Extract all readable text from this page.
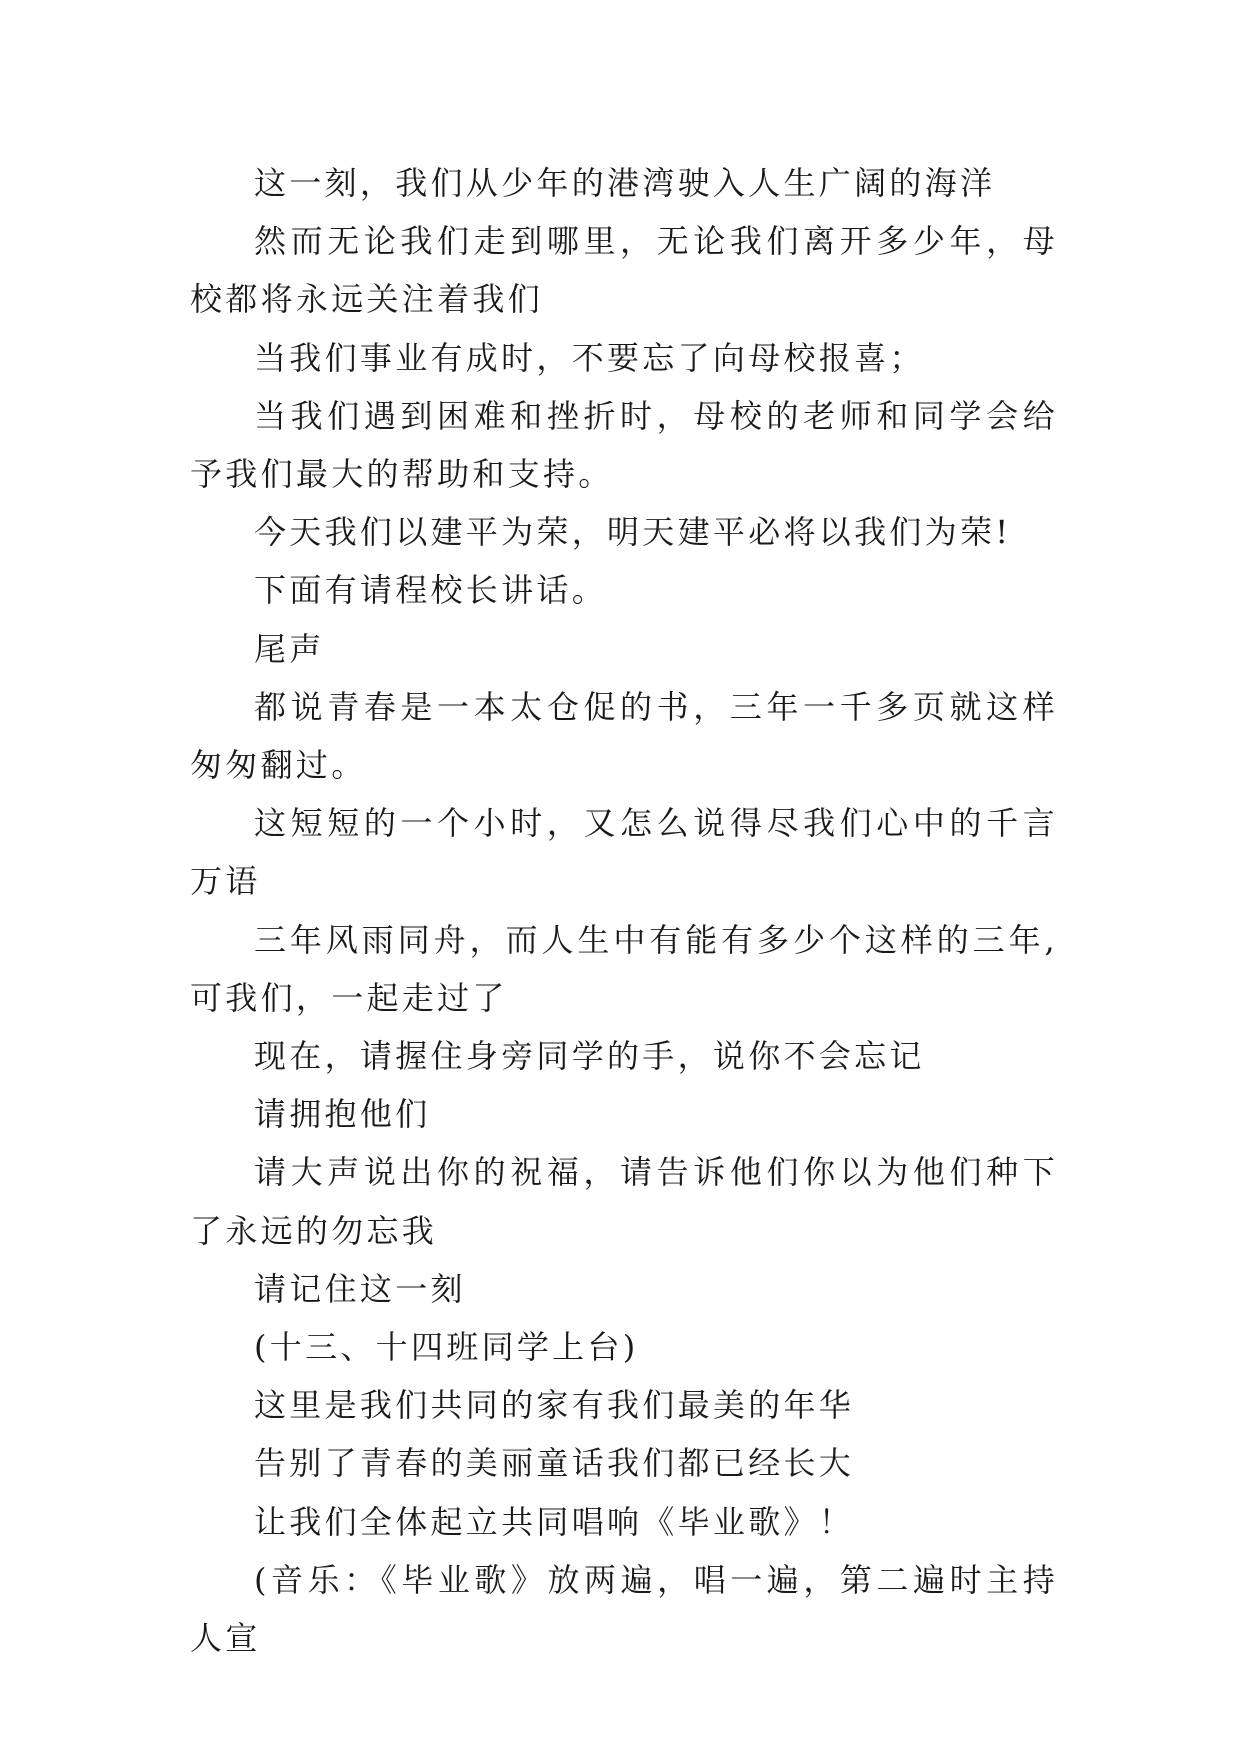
这一刻，我们从少年的港湾驶入人生广阔的海洋

然而无论我们走到哪里，无论我们离开多少年，母校都将永远关注着我们

当我们事业有成时，不要忘了向母校报喜；

当我们遇到困难和挫折时，母校的老师和同学会给予我们最大的帮助和支持。

今天我们以建平为荣，明天建平必将以我们为荣!

下面有请程校长讲话。

尾声

都说青春是一本太仓促的书，三年一千多页就这样匆匆翻过。

这短短的一个小时，又怎么说得尽我们心中的千言万语

三年风雨同舟，而人生中有能有多少个这样的三年,可我们，一起走过了

现在，请握住身旁同学的手，说你不会忘记

请拥抱他们

请大声说出你的祝福，请告诉他们你以为他们种下了永远的勿忘我

请记住这一刻

(十三、十四班同学上台)

这里是我们共同的家有我们最美的年华

告别了青春的美丽童话我们都已经长大

让我们全体起立共同唱响《毕业歌》！

(音乐：《毕业歌》放两遍，唱一遍，第二遍时主持人宣
